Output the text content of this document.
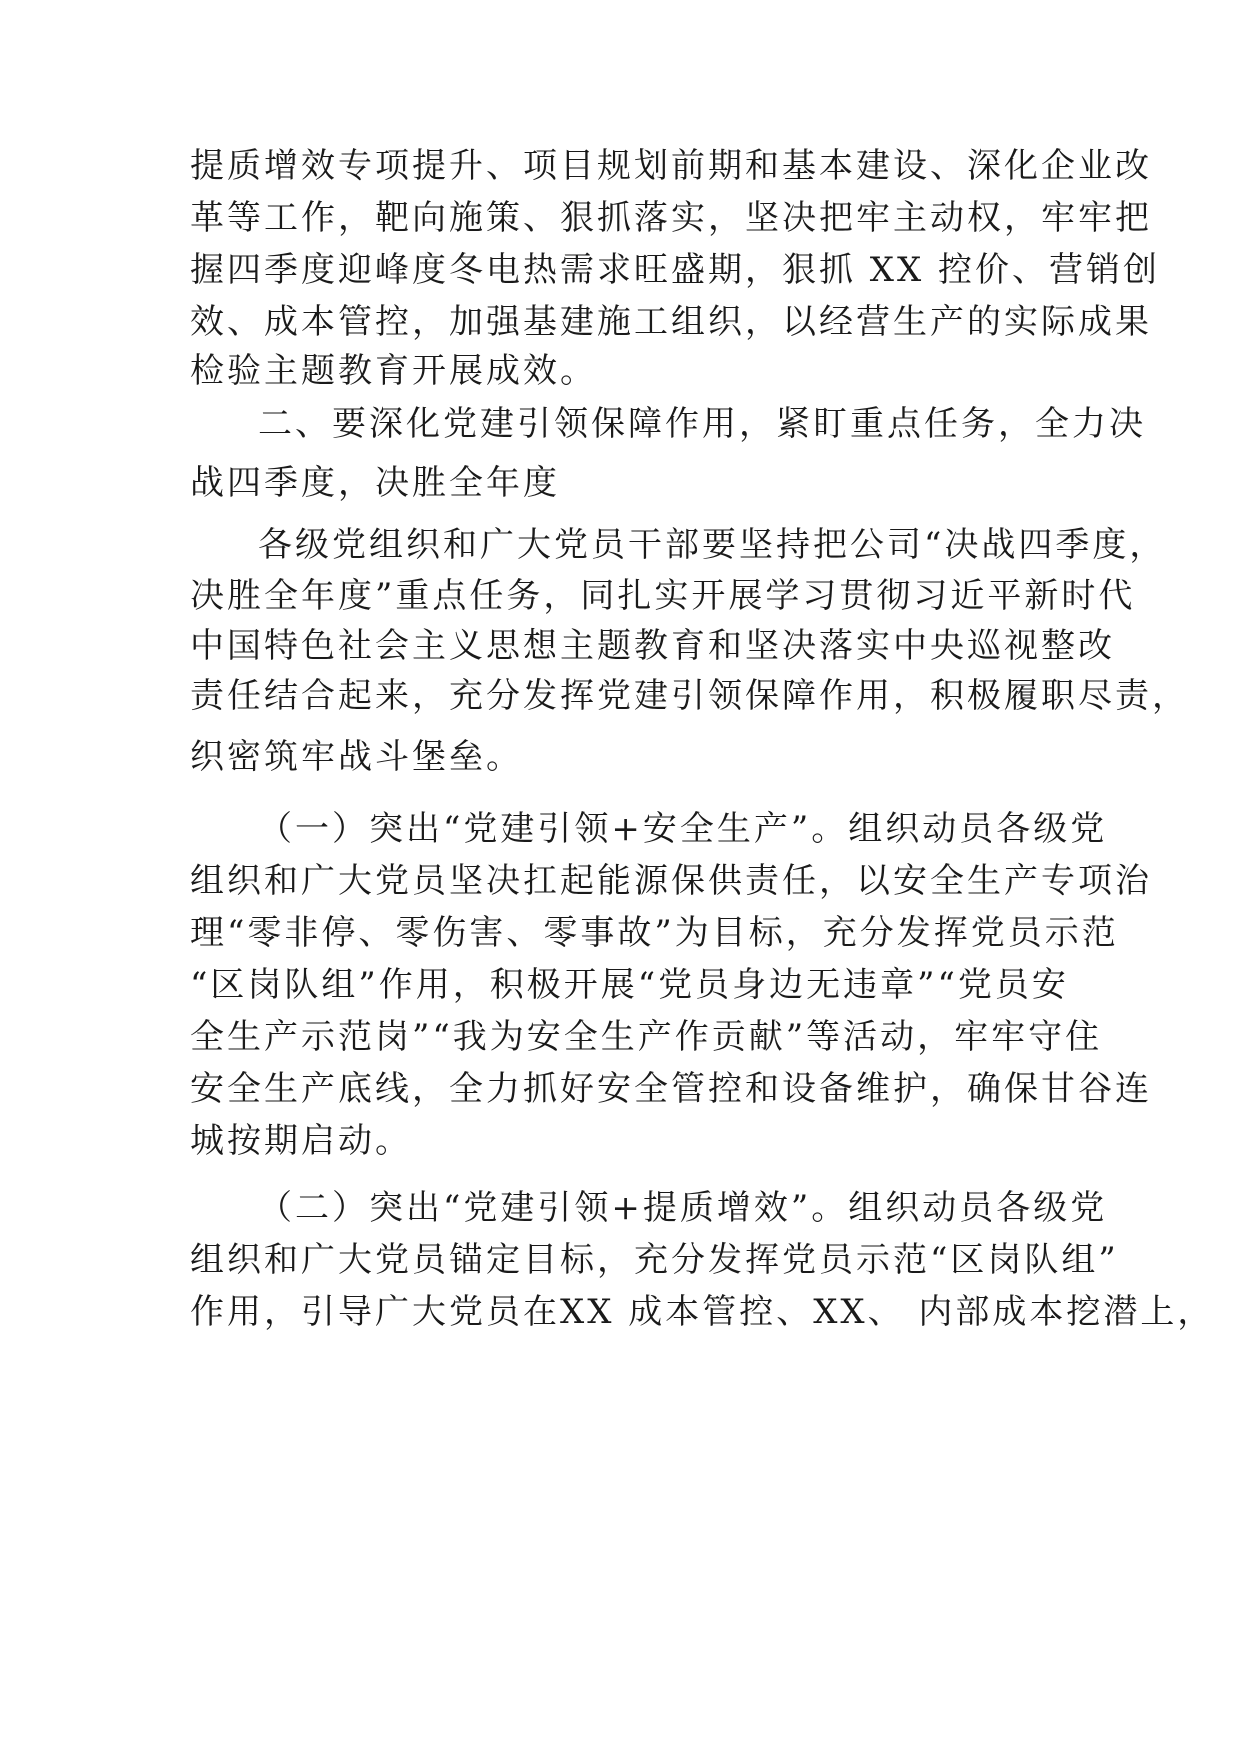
提质增效专项提升、项目规划前期和基本建设、深化企业改
革等工作，靶向施策、狠抓落实，坚决把牢主动权，牢牢把
握四季度迎峰度冬电热需求旺盛期，狠抓 XX 控价、营销创
效、成本管控，加强基建施工组织，以经营生产的实际成果
检验主题教育开展成效。
二、要深化党建引领保障作用，紧盯重点任务，全力决
战四季度，决胜全年度
各级党组织和广大党员干部要坚持把公司“决战四季度，
决胜全年度”重点任务，同扎实开展学习贯彻习近平新时代
中国特色社会主义思想主题教育和坚决落实中央巡视整改
责任结合起来，充分发挥党建引领保障作用，积极履职尽责，
织密筑牢战斗堡垒。
（一）突出“党建引领+安全生产”。组织动员各级党
组织和广大党员坚决扛起能源保供责任，以安全生产专项治
理“零非停、零伤害、零事故”为目标，充分发挥党员示范
“区岗队组”作用，积极开展“党员身边无违章”“党员安
全生产示范岗”“我为安全生产作贡献”等活动，牢牢守住
安全生产底线，全力抓好安全管控和设备维护，确保甘谷连
城按期启动。
（二）突出“党建引领+提质增效”。组织动员各级党
组织和广大党员锚定目标，充分发挥党员示范“区岗队组”
作用，引导广大党员在XX 成本管控、XX、 内部成本挖潜上，
